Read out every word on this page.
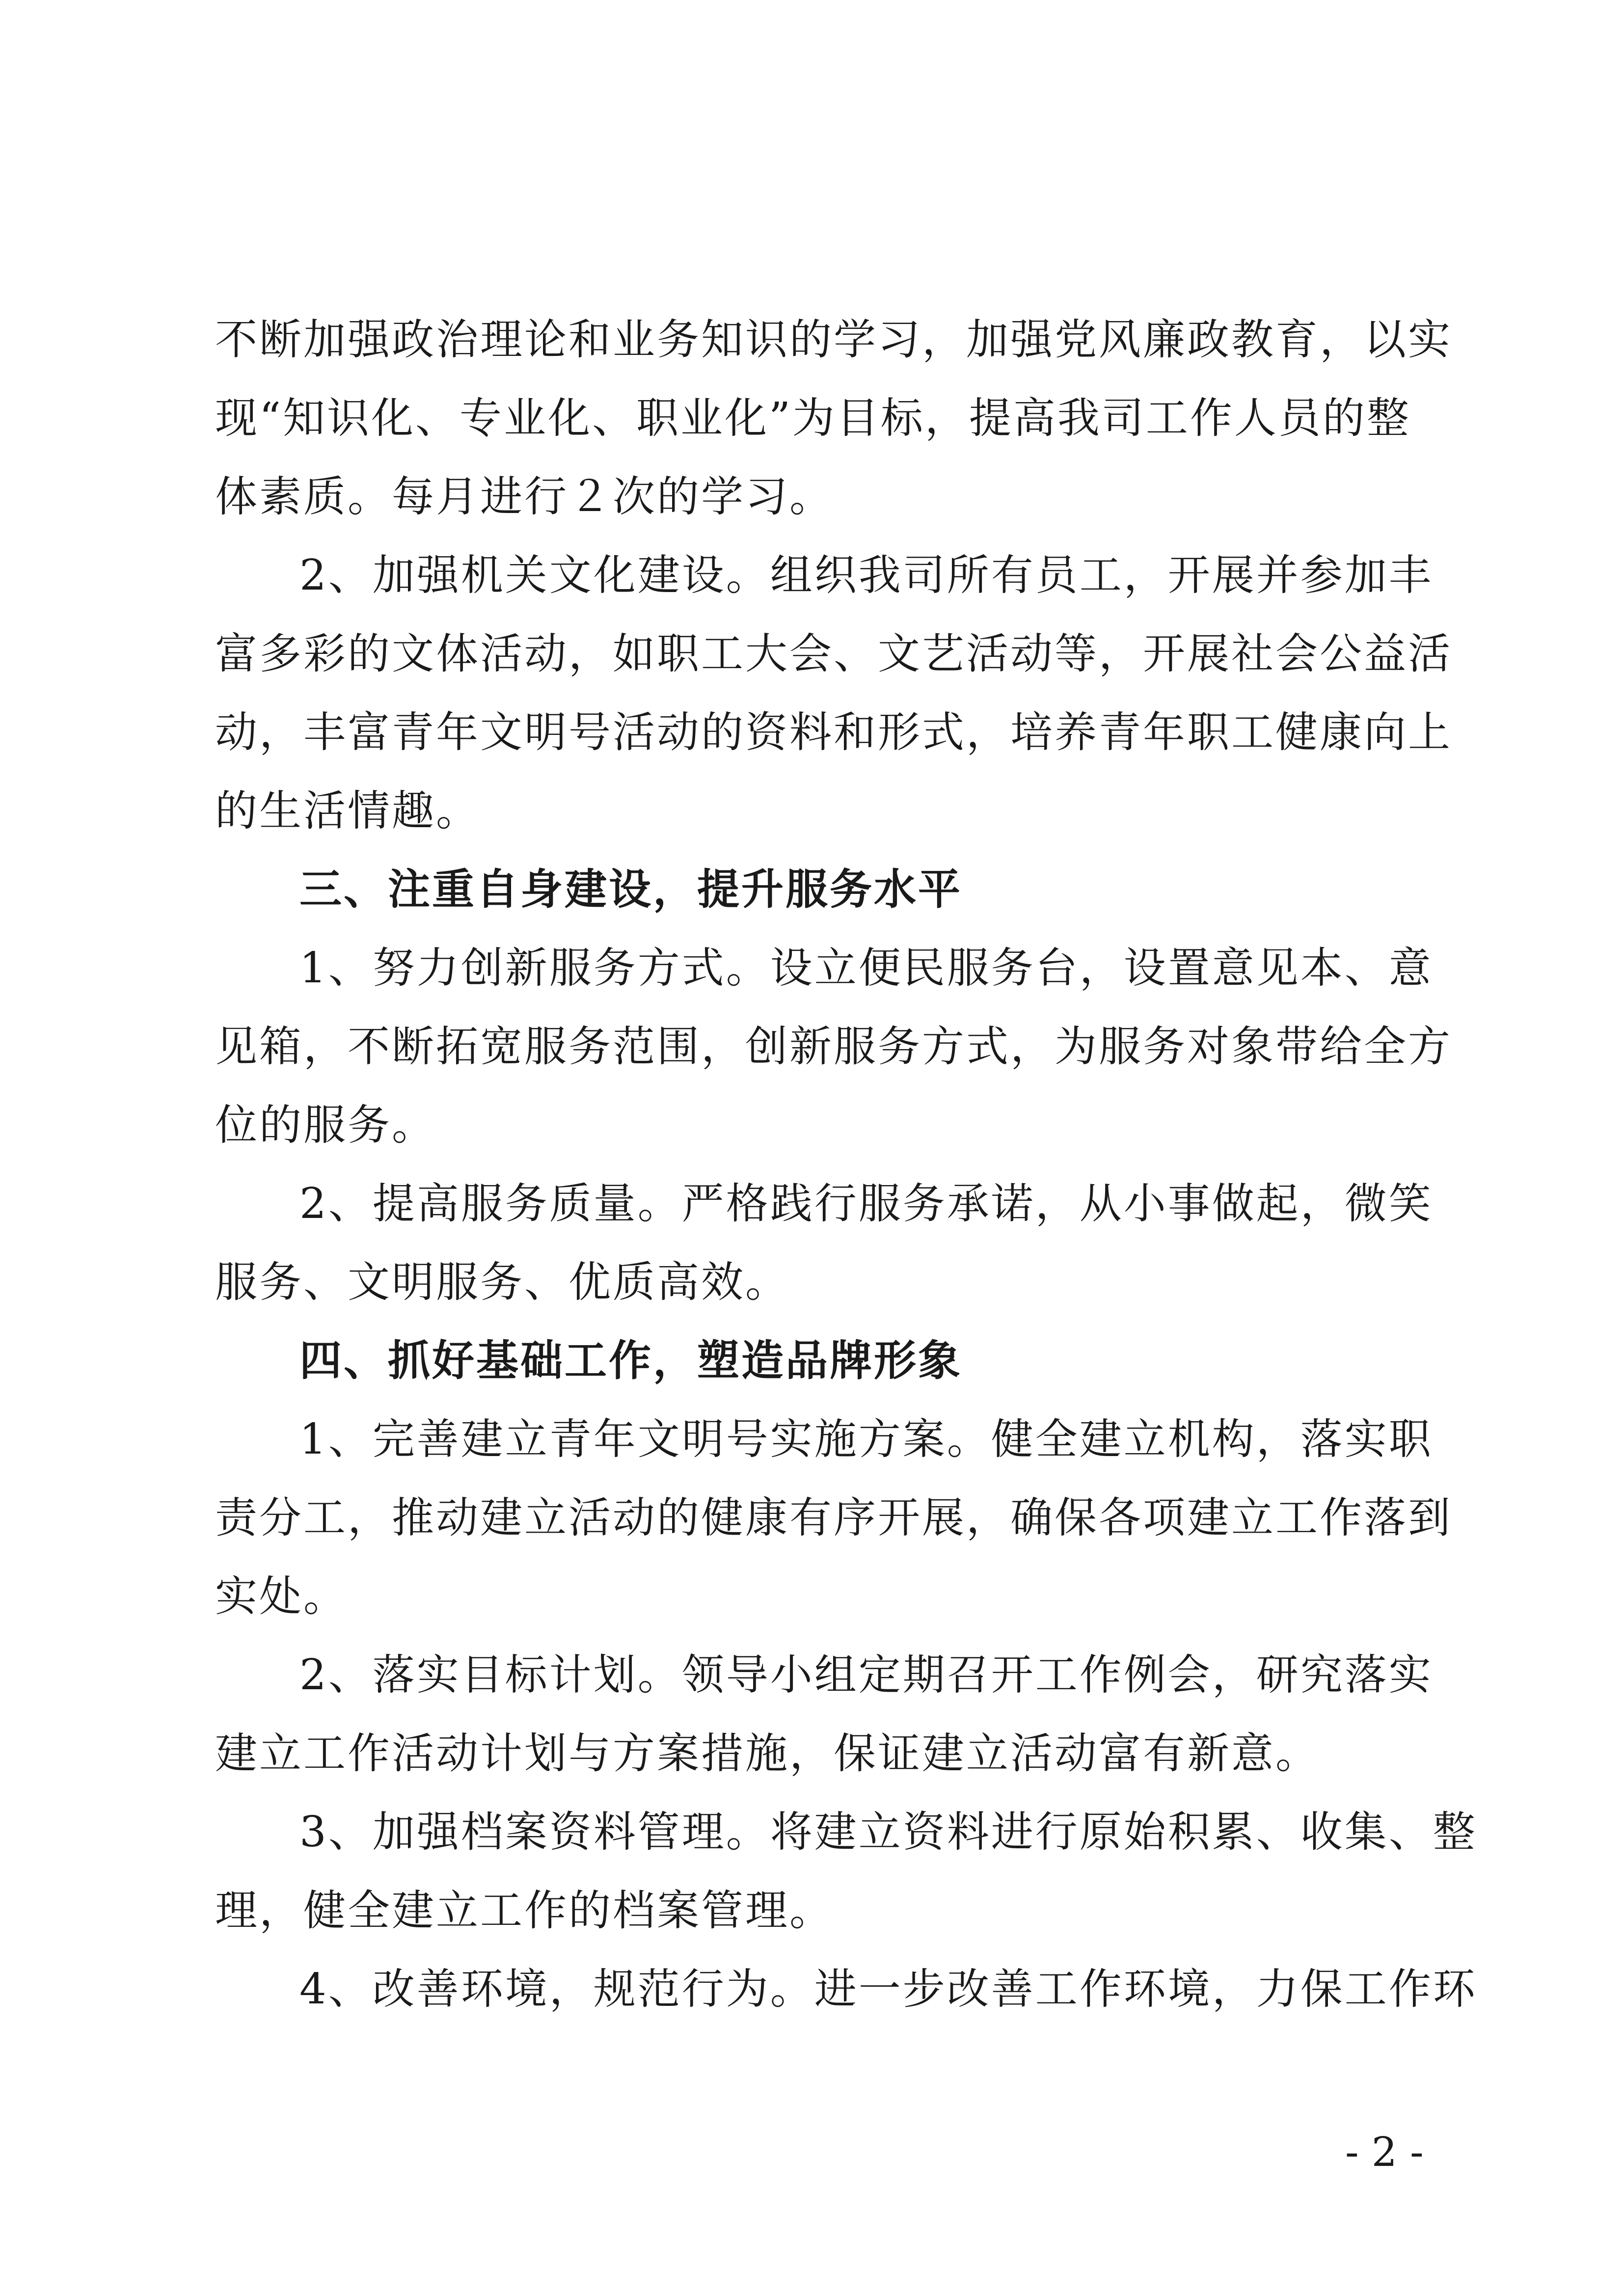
不断加强政治理论和业务知识的学习，加强党风廉政教育，以实
现“知识化、专业化、职业化”为目标，提高我司工作人员的整
体素质。每月进行２次的学习。
2、加强机关文化建设。组织我司所有员工，开展并参加丰
富多彩的文体活动，如职工大会、文艺活动等，开展社会公益活
动，丰富青年文明号活动的资料和形式，培养青年职工健康向上
的生活情趣。
三、注重自身建设，提升服务水平
1、努力创新服务方式。设立便民服务台，设置意见本、意
见箱，不断拓宽服务范围，创新服务方式，为服务对象带给全方
位的服务。
2、提高服务质量。严格践行服务承诺，从小事做起，微笑
服务、文明服务、优质高效。
四、抓好基础工作，塑造品牌形象
1、完善建立青年文明号实施方案。健全建立机构，落实职
责分工，推动建立活动的健康有序开展，确保各项建立工作落到
实处。
2、落实目标计划。领导小组定期召开工作例会，研究落实
建立工作活动计划与方案措施，保证建立活动富有新意。
3、加强档案资料管理。将建立资料进行原始积累、收集、整
理，健全建立工作的档案管理。
4、改善环境，规范行为。进一步改善工作环境，力保工作环
- 2 -
